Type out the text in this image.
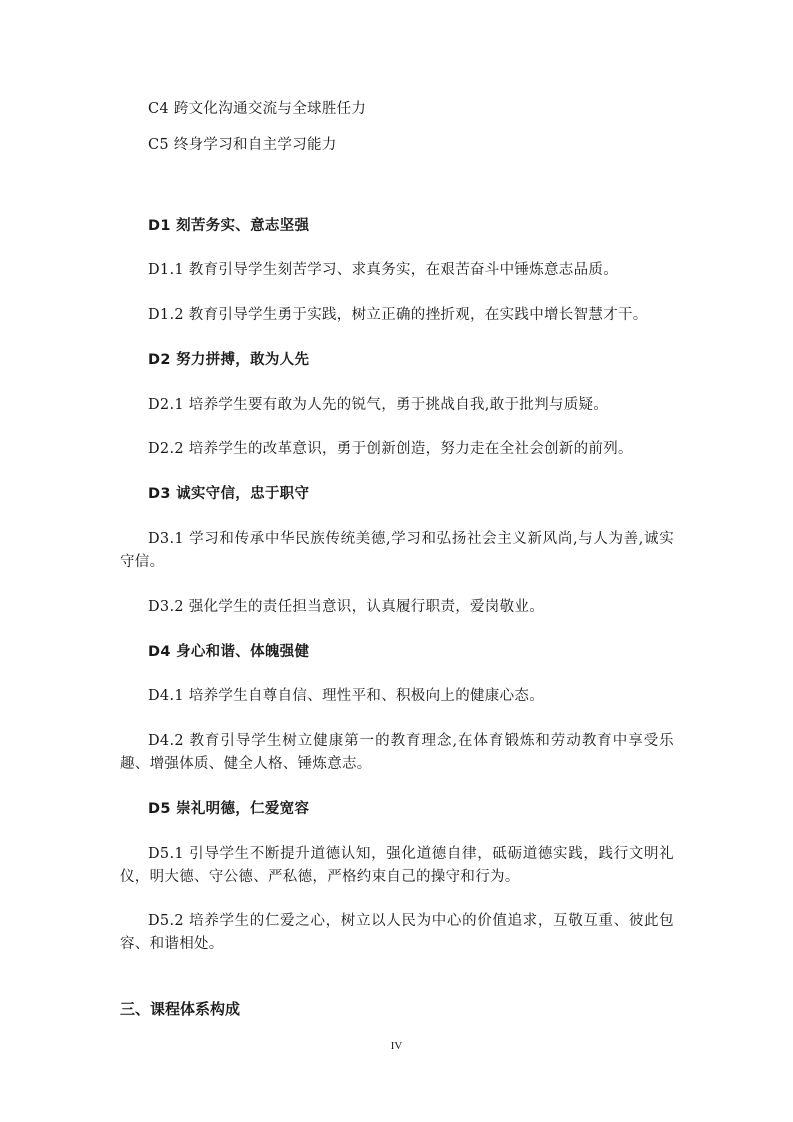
C4 跨文化沟通交流与全球胜任力
C5 终身学习和自主学习能力
D1 刻苦务实、意志坚强
D1.1 教育引导学生刻苦学习、求真务实，在艰苦奋斗中锤炼意志品质。
D1.2 教育引导学生勇于实践，树立正确的挫折观，在实践中增长智慧才干。
D2 努力拼搏，敢为人先
D2.1 培养学生要有敢为人先的锐气，勇于挑战自我,敢于批判与质疑。
D2.2 培养学生的改革意识，勇于创新创造，努力走在全社会创新的前列。
D3 诚实守信，忠于职守
D3.1 学习和传承中华民族传统美德,学习和弘扬社会主义新风尚,与人为善,诚实守信。
D3.2 强化学生的责任担当意识，认真履行职责，爱岗敬业。
D4 身心和谐、体魄强健
D4.1 培养学生自尊自信、理性平和、积极向上的健康心态。
D4.2 教育引导学生树立健康第一的教育理念,在体育锻炼和劳动教育中享受乐趣、增强体质、健全人格、锤炼意志。
D5 崇礼明德，仁爱宽容
D5.1 引导学生不断提升道德认知，强化道德自律，砥砺道德实践，践行文明礼仪，明大德、守公德、严私德，严格约束自己的操守和行为。
D5.2 培养学生的仁爱之心，树立以人民为中心的价值追求，互敬互重、彼此包容、和谐相处。
三、课程体系构成
IV
